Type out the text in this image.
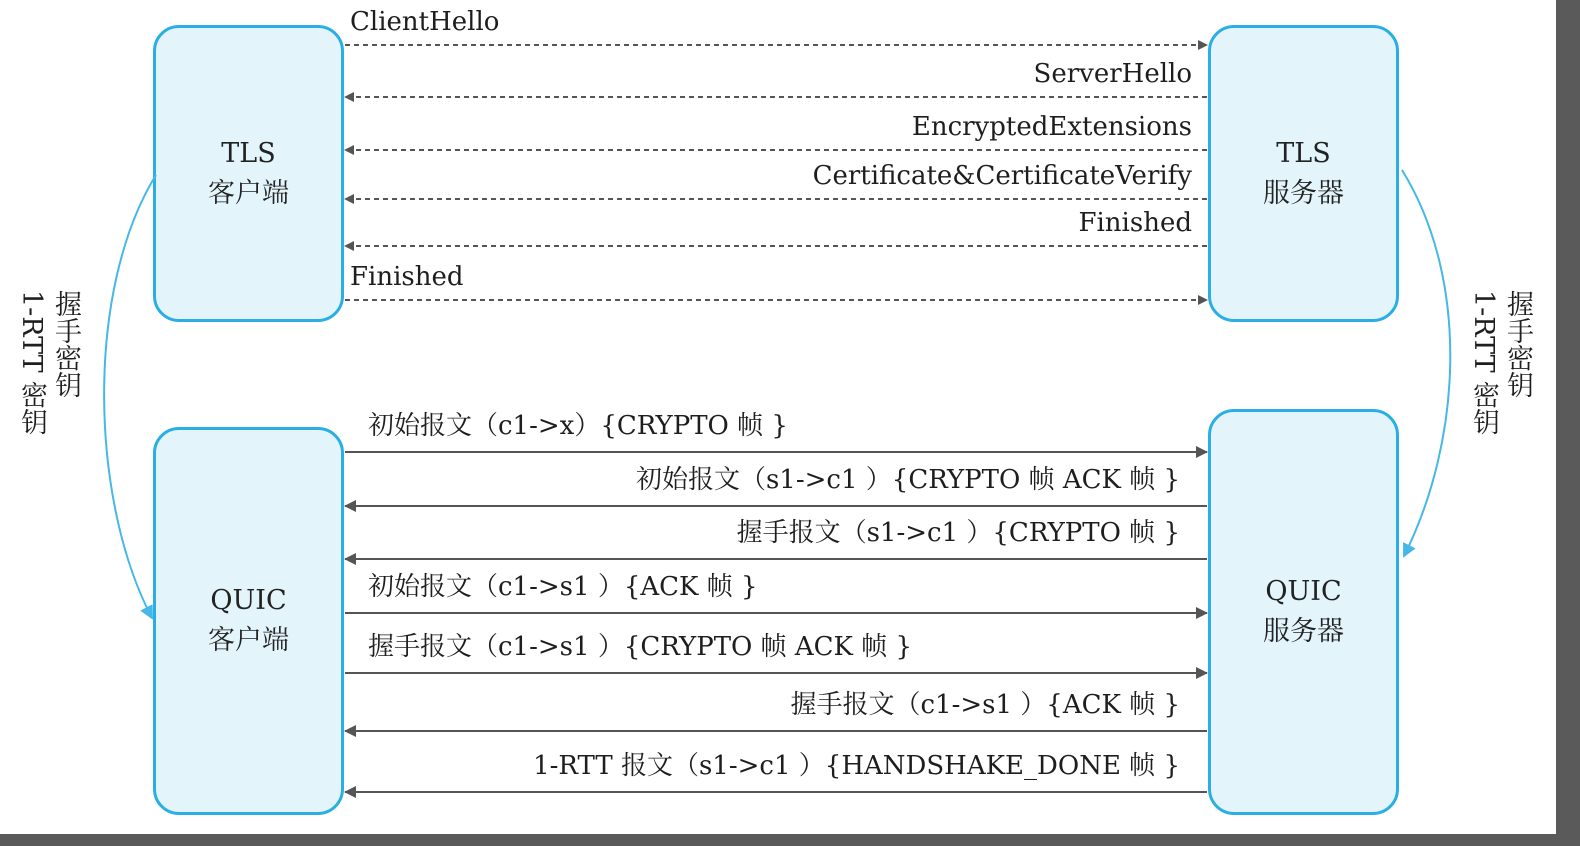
TLS
客户端
TLS
服务器
QUIC
客户端
QUIC
服务器
握手密钥
1-RTT 密钥	握手密钥
1-RTT 密钥
ClientHello
ServerHello
EncryptedExtensions
Certificate&CertificateVerify
Finished
Finished
初始报文（c1->x）{CRYPTO 帧 }
初始报文（s1->c1 ）{CRYPTO 帧 ACK 帧 }
握手报文（s1->c1 ）{CRYPTO 帧 }
初始报文（c1->s1 ）{ACK 帧 }
握手报文（c1->s1 ）{CRYPTO 帧 ACK 帧 }
握手报文（c1->s1 ）{ACK 帧 }
1-RTT 报文（s1->c1 ）{HANDSHAKE_DONE 帧 }
